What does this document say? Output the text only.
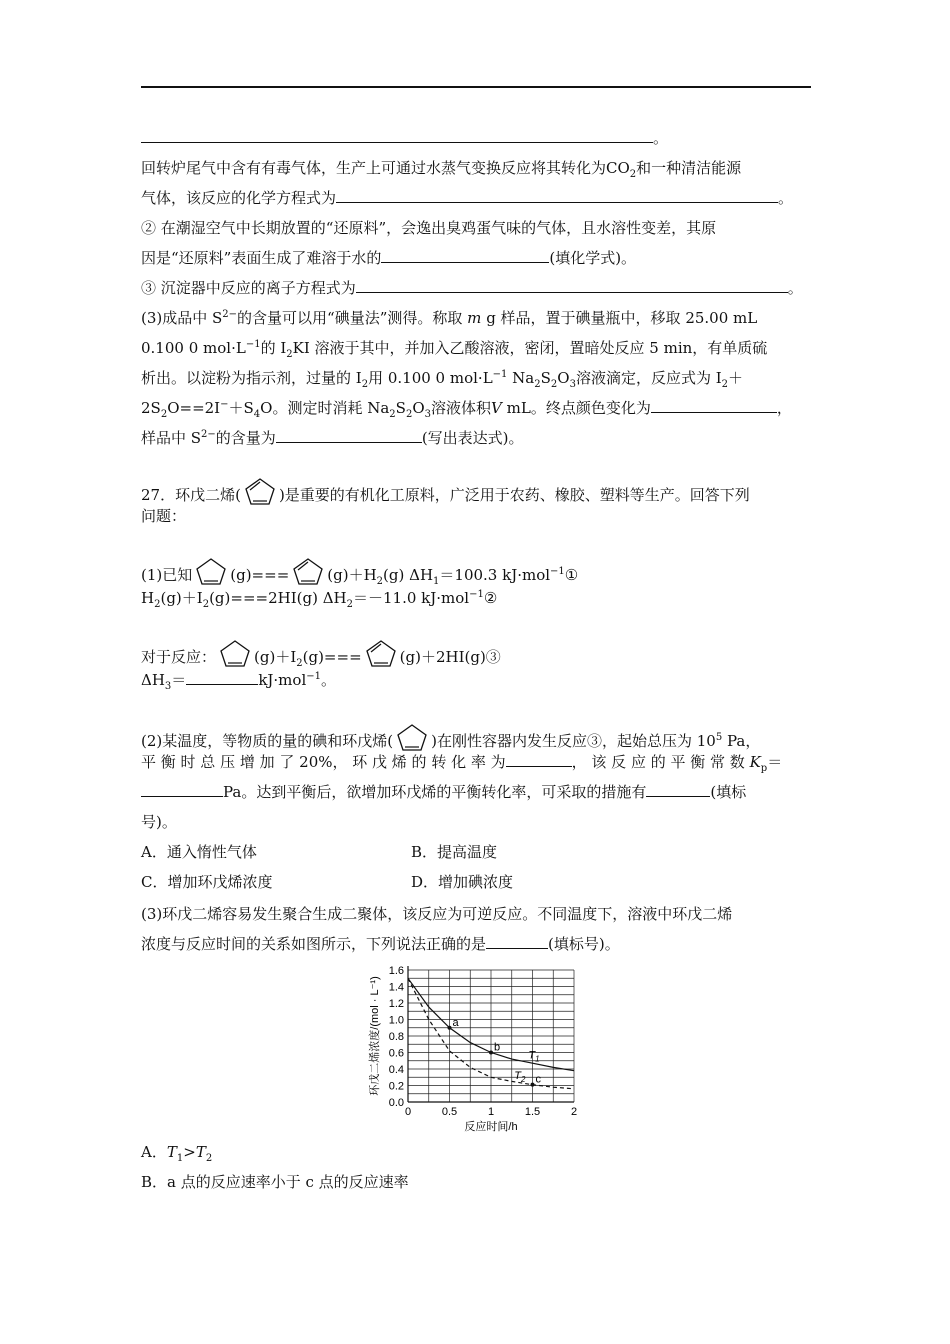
。
回转炉尾气中含有有毒气体，生产上可通过水蒸气变换反应将其转化为$CO_2$和一种清洁能源
气体，该反应的化学方程式为	。
② 在潮湿空气中长期放置的“还原料”，会逸出臭鸡蛋气味的气体，且水溶性变差，其原
因是“还原料”表面生成了难溶于水的	(填化学式)。
③ 沉淀器中反应的离子方程式为	。
(3)成品中 $S^{2-}$的含量可以用“碘量法”测得。称取 m g 样品，置于碘量瓶中，移取 25.00 mL
0.100 0 $mol\cdot L^{-1}$的 $I_2KI$ 溶液于其中，并加入乙酸溶液，密闭，置暗处反应 5 min，有单质硫
析出。以淀粉为指示剂，过量的 $I_2$用 0.100 0 $mol\cdot L^{-1}$ $Na_2S_2O_3$溶液滴定，反应式为 $I_2+$
$2S_2O==2I^-+S_4O$。测定时消耗 $Na_2S_2O_3$溶液体积V mL。终点颜色变化为	，
样品中 $S^{2-}$的含量为	(写出表达式)。
27．环戊二烯(	)是重要的有机化工原料，广泛用于农药、橡胶、塑料等生产。回答下列
问题：
(1)已知	(g)===	$(g)+H_2(g)$ $\Delta H_1=100.3$ kJ·mol$^{-1}$①
$H_2(g)+I_2(g)===2HI(g)$ $\Delta H_2=-11.0$ kJ·mol$^{-1}$②
对于反应：	$(g)+I_2(g)===$	(g)＋2HI(g)③
$\Delta H_3=$	kJ·mol$^{-1}$。
(2)某温度，等物质的量的碘和环戊烯(	)在刚性容器内发生反应③，起始总压为 $10^5$ Pa，
平 衡 时 总 压 增 加 了 20%， 环 戊 烯 的 转 化 率 为	， 该 反 应 的 平 衡 常 数 $K_p=$
Pa。达到平衡后，欲增加环戊烯的平衡转化率，可采取的措施有	(填标
号)。
A．通入惰性气体	B．提高温度
C．增加环戊烯浓度	D．增加碘浓度
(3)环戊二烯容易发生聚合生成二聚体，该反应为可逆反应。不同温度下，溶液中环戊二烯
浓度与反应时间的关系如图所示，下列说法正确的是	(填标号)。
A．$T_1>T_2$
B．a 点的反应速率小于 c 点的反应速率
$T_1$
$T_2$
a
b
c
0.0
0.2
0.4
0.6
0.8
1.0
1.2
1.4
1.6
0	0.5	1	1.5	2
反应时间/h
环戊二烯浓度/(mol · L⁻¹)
